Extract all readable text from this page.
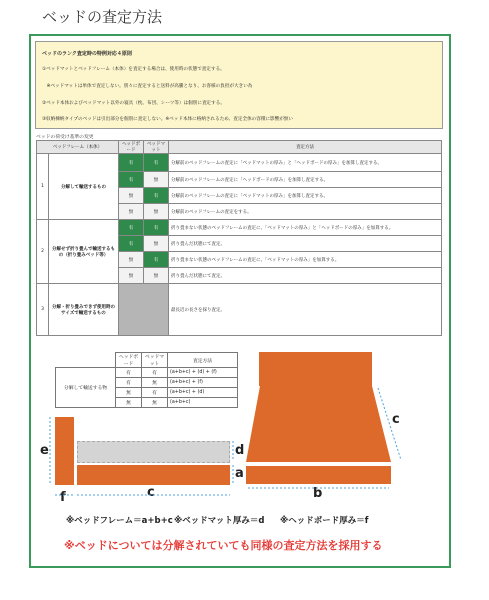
ベッドの査定方法
ベッドのランク査定時の特例対応４原則
①ベッドマットとベッドフレーム（本体）を査定する場合は、使用時の状態で査定する。
　※ベッドマットは単体で査定しない。別々に査定すると送料が高騰となり、お客様の負担が大きい為
②ベッド本体およびベッドマット以外の寝具（枕、布団、シーツ等）は個別に査定する。
③収納棟納タイプのベッドは引出部分を個別に査定しない。※ベッド本体に格納されるため、査定全体の容積に影響が無い
ベッドの荷受け基準の変更
ベッドフレーム（本体）		ヘッドボード	ベッドマット	査定方法
1	分解して輸送するもの	有	有	分解前のベッドフレームの査定に「ベッドマットの厚み」と「ヘッドボードの厚み」を加算し査定する。
		有	無	分解前のベッドフレームの査定に「ヘッドボードの厚み」を加算し査定する。
		無	有	分解前のベッドフレームの査定に「ベッドマットの厚み」を加算し査定する。
		無	無	分解前のベッドフレームの査定をする。
2	分解せず折り畳んで輸送するもの（折り畳みベッド等）	有	有	折り畳まない状態のベッドフレームの査定に、「ベッドマットの厚み」と「ヘッドボードの厚み」を加算する。
		有	無	折り畳んだ状態にて査定。
		無	有	折り畳まない状態のベッドフレームの査定に、「ベッドマットの厚み」を加算する。
		無	無	折り畳んだ状態にて査定。
3	分解・折り畳みできず使用時のサイズで輸送するもの			最長辺の長さを採り査定。
	ヘッドボード	ベッドマット	査定方法
分解して輸送する物	有	有	(a+b+c) + (d) + (f)
	有	無	(a+b+c) + (f)
	無	有	(a+b+c) + (d)
	無	無	(a+b+c)
e
f	c
d
a
c
b
※ベッドフレーム＝a+b+c ※ベッドマット厚み＝d ※ヘッドボード厚み＝f
※ベッドについては分解されていても同様の査定方法を採用する
